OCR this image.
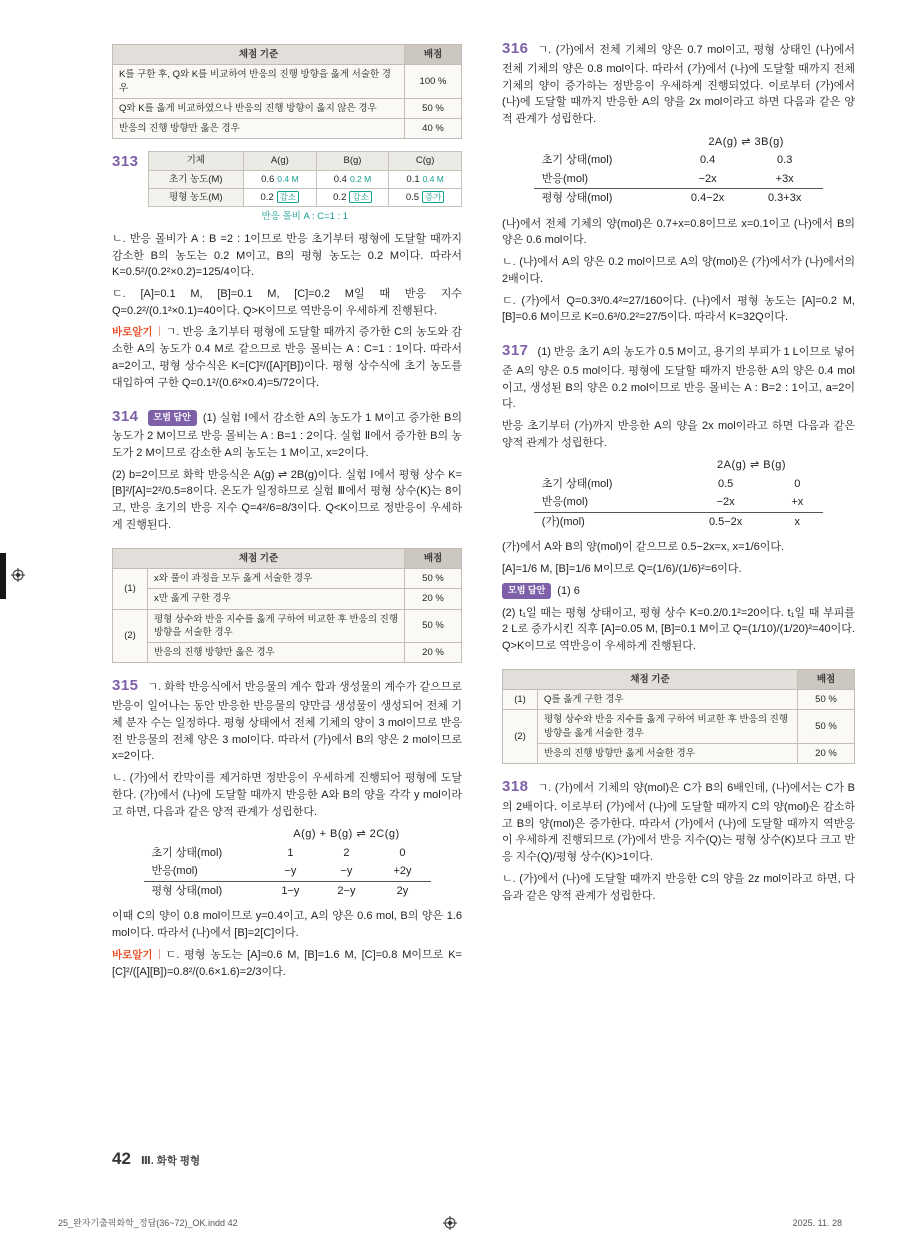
채점 기준	배점
K를 구한 후, Q와 K를 비교하여 반응의 진행 방향을 옳게 서술한 경우	100 %
Q와 K를 옳게 비교하였으나 반응의 진행 방향이 옳지 않은 경우	50 %
반응의 진행 방향만 옳은 경우	40 %
313	기체	A(g)	B(g)	C(g)
초기 농도(M)	0.6 0.4 M	0.4 0.2 M	0.1 0.4 M
평형 농도(M)	0.2 감소	0.2 감소	0.5 증가
반응 몰비 A : C=1 : 1

ㄴ. 반응 몰비가 A : B =2 : 1이므로 반응 초기부터 평형에 도달할 때까지 감소한 B의 농도는 0.2 M이고, B의 평형 농도는 0.2 M이다. 따라서 K=0.5²/(0.2²×0.2)=125/4이다.

ㄷ. [A]=0.1 M, [B]=0.1 M, [C]=0.2 M일 때 반응 지수 Q=0.2²/(0.1²×0.1)=40이다. Q>K이므로 역반응이 우세하게 진행된다.

바로알기 ㄱ. 반응 초기부터 평형에 도달할 때까지 증가한 C의 농도와 감소한 A의 농도가 0.4 M로 같으므로 반응 몰비는 A : C=1 : 1이다. 따라서 a=2이고, 평형 상수식은 K=[C]²/([A]²[B])이다. 평형 상수식에 초기 농도를 대입하여 구한 Q=0.1²/(0.6²×0.4)=5/72이다.

314 모범 답안 (1) 실험 Ⅰ에서 감소한 A의 농도가 1 M이고 증가한 B의 농도가 2 M이므로 반응 몰비는 A : B=1 : 2이다. 실험 Ⅱ에서 증가한 B의 농도가 2 M이므로 감소한 A의 농도는 1 M이고, x=2이다.

(2) b=2이므로 화학 반응식은 A(g) ⇌ 2B(g)이다. 실험 Ⅰ에서 평형 상수 K=[B]²/[A]=2²/0.5=8이다. 온도가 일정하므로 실험 Ⅲ에서 평형 상수(K)는 8이고, 반응 초기의 반응 지수 Q=4²/6=8/3이다. Q<K이므로 정반응이 우세하게 진행된다.

채점 기준		배점
(1)	x와 풀이 과정을 모두 옳게 서술한 경우	50 %
	x만 옳게 구한 경우	20 %
(2)	평형 상수와 반응 지수를 옳게 구하여 비교한 후 반응의 진행 방향을 서술한 경우	50 %
	반응의 진행 방향만 옳은 경우	20 %

315 ㄱ. 화학 반응식에서 반응물의 계수 합과 생성물의 계수가 같으므로 반응이 일어나는 동안 반응한 반응물의 양만큼 생성물이 생성되어 전체 기체 분자 수는 일정하다. 평형 상태에서 전체 기체의 양이 3 mol이므로 반응 전 반응물의 전체 양은 3 mol이다. 따라서 (가)에서 B의 양은 2 mol이므로 x=2이다.

ㄴ. (가)에서 칸막이를 제거하면 정반응이 우세하게 진행되어 평형에 도달한다. (가)에서 (나)에 도달할 때까지 반응한 A와 B의 양을 각각 y mol이라고 하면, 다음과 같은 양적 관계가 성립한다.

	A(g) + B(g) ⇌ 2C(g)		
초기 상태(mol)	1	2	0
반응(mol)	−y	−y	+2y
평형 상태(mol)	1−y	2−y	2y

이때 C의 양이 0.8 mol이므로 y=0.4이고, A의 양은 0.6 mol, B의 양은 1.6 mol이다. 따라서 (나)에서 [B]=2[C]이다.

바로알기 ㄷ. 평형 농도는 [A]=0.6 M, [B]=1.6 M, [C]=0.8 M이므로 K=[C]²/([A][B])=0.8²/(0.6×1.6)=2/3이다.

316 ㄱ. (가)에서 전체 기체의 양은 0.7 mol이고, 평형 상태인 (나)에서 전체 기체의 양은 0.8 mol이다. 따라서 (가)에서 (나)에 도달할 때까지 전체 기체의 양이 증가하는 정반응이 우세하게 진행되었다. 이로부터 (가)에서 (나)에 도달할 때까지 반응한 A의 양을 2x mol이라고 하면 다음과 같은 양적 관계가 성립한다.

	2A(g) ⇌ 3B(g)	
초기 상태(mol)	0.4	0.3
반응(mol)	−2x	+3x
평형 상태(mol)	0.4−2x	0.3+3x

(나)에서 전체 기체의 양(mol)은 0.7+x=0.8이므로 x=0.1이고 (나)에서 B의 양은 0.6 mol이다.

ㄴ. (나)에서 A의 양은 0.2 mol이므로 A의 양(mol)은 (가)에서가 (나)에서의 2배이다.

ㄷ. (가)에서 Q=0.3³/0.4²=27/160이다. (나)에서 평형 농도는 [A]=0.2 M, [B]=0.6 M이므로 K=0.6³/0.2²=27/5이다. 따라서 K=32Q이다.

317 (1) 반응 초기 A의 농도가 0.5 M이고, 용기의 부피가 1 L이므로 넣어 준 A의 양은 0.5 mol이다. 평형에 도달할 때까지 반응한 A의 양은 0.4 mol이고, 생성된 B의 양은 0.2 mol이므로 반응 몰비는 A : B=2 : 1이고, a=2이다.

반응 초기부터 (가)까지 반응한 A의 양을 2x mol이라고 하면 다음과 같은 양적 관계가 성립한다.

	2A(g) ⇌ B(g)	
초기 상태(mol)	0.5	0
반응(mol)	−2x	+x
(가)(mol)	0.5−2x	x

(가)에서 A와 B의 양(mol)이 같으므로 0.5−2x=x, x=1/6이다.

[A]=1/6 M, [B]=1/6 M이므로 Q=(1/6)/(1/6)²=6이다.

모범 답안 (1) 6

(2) t₁일 때는 평형 상태이고, 평형 상수 K=0.2/0.1²=20이다. t₁일 때 부피를 2 L로 증가시킨 직후 [A]=0.05 M, [B]=0.1 M이고 Q=(1/10)/(1/20)²=40이다. Q>K이므로 역반응이 우세하게 진행된다.

채점 기준		배점
(1)	Q를 옳게 구한 경우	50 %
(2)	평형 상수와 반응 지수를 옳게 구하여 비교한 후 반응의 진행 방향을 옳게 서술한 경우	50 %
	반응의 진행 방향만 옳게 서술한 경우	20 %

318 ㄱ. (가)에서 기체의 양(mol)은 C가 B의 6배인데, (나)에서는 C가 B의 2배이다. 이로부터 (가)에서 (나)에 도달할 때까지 C의 양(mol)은 감소하고 B의 양(mol)은 증가한다. 따라서 (가)에서 (나)에 도달할 때까지 역반응이 우세하게 진행되므로 (가)에서 반응 지수(Q)는 평형 상수(K)보다 크고 반응 지수(Q)/평형 상수(K)>1이다.

ㄴ. (가)에서 (나)에 도달할 때까지 반응한 C의 양을 2z mol이라고 하면, 다음과 같은 양적 관계가 성립한다.

42 Ⅲ. 화학 평형
25_완자기출픽화학_정답(36~72)_OK.indd 42	2025. 11. 28
